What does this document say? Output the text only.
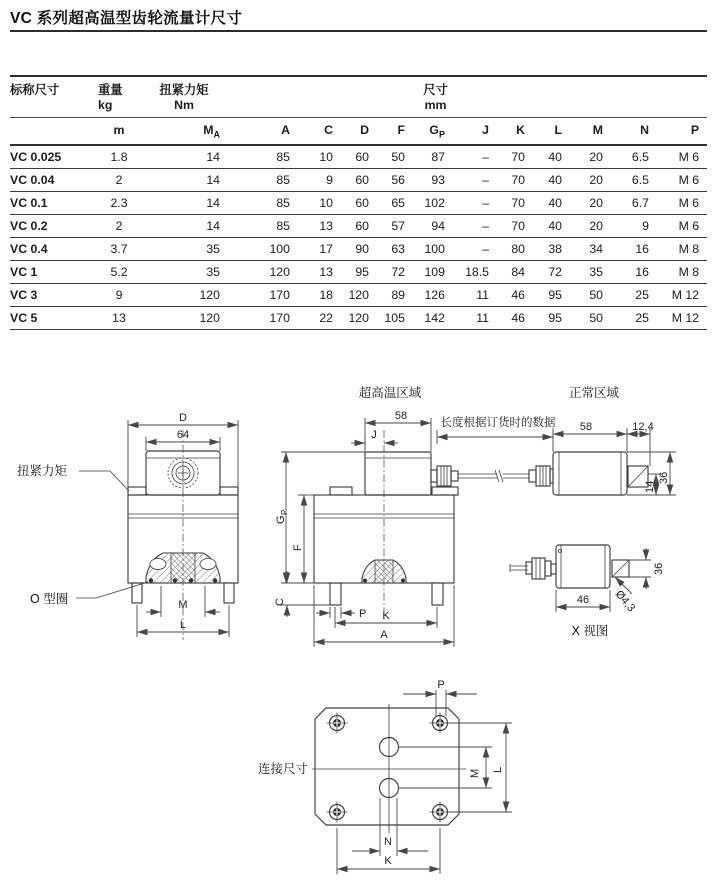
VC 系列超高温型齿轮流量计尺寸
标称尺寸	重量
kg	扭紧力矩
Nm	尺寸
mm										
	m	$M_A$	A	C	D	F	$G_P$	J	K	L	M	N	P
VC 0.025	1.8	14	85	10	60	50	87	–	70	40	20	6.5	M 6
VC 0.04	2	14	85	9	60	56	93	–	70	40	20	6.5	M 6
VC 0.1	2.3	14	85	10	60	65	102	–	70	40	20	6.7	M 6
VC 0.2	2	14	85	13	60	57	94	–	70	40	20	9	M 6
VC 0.4	3.7	35	100	17	90	63	100	–	80	38	34	16	M 8
VC 1	5.2	35	120	13	95	72	109	18.5	84	72	35	16	M 8
VC 3	9	120	170	18	120	89	126	11	46	95	50	25	M 12
VC 5	13	120	170	22	120	105	142	11	46	95	50	25	M 12
D
64
M
L
扭紧力矩
O 型圈
超高温区域
58
J
G
P
F
C
P K
A
正常区域
长度根据订货时的数据 58	12,4
36
14
36
Ø4,3
46
X 视图
连接尺寸
P
M L
N
K
